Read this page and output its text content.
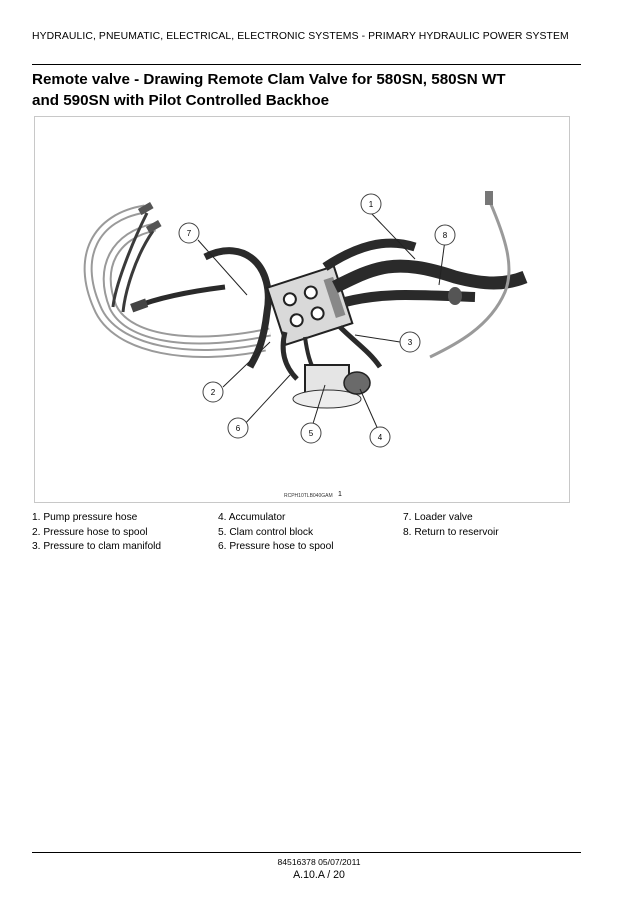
HYDRAULIC, PNEUMATIC, ELECTRICAL, ELECTRONIC SYSTEMS - PRIMARY HYDRAULIC POWER SYSTEM
Remote valve - Drawing Remote Clam Valve for 580SN, 580SN WT
and 590SN with Pilot Controlled Backhoe
1
2
3
4
5
6
7	8
RCPH10TLB040GAM 1
1. Pump pressure hose
2. Pressure hose to spool
3. Pressure to clam manifold
4. Accumulator
5. Clam control block
6. Pressure hose to spool
7. Loader valve
8. Return to reservoir
84516378 05/07/2011
A.10.A / 20
